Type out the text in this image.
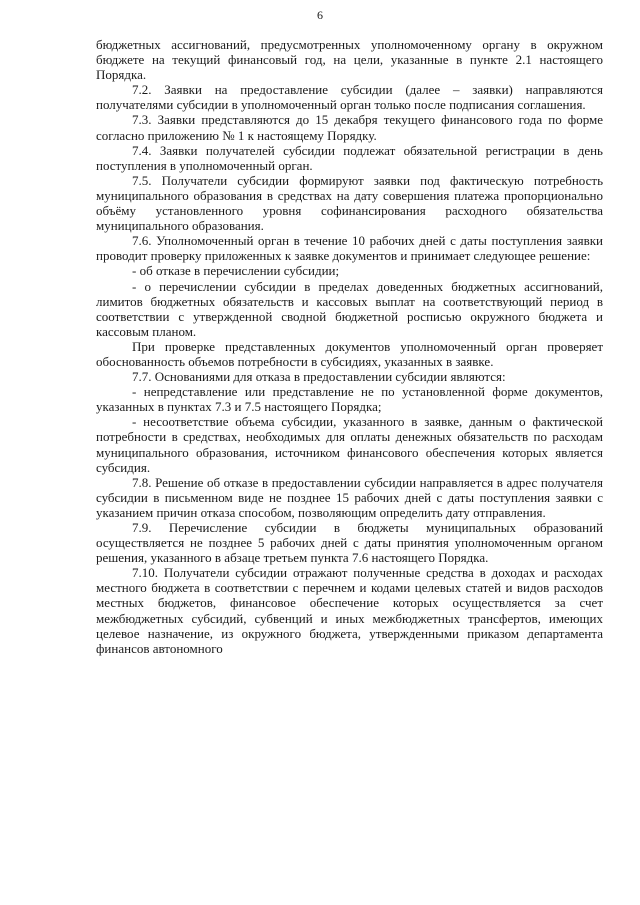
6

бюджетных ассигнований, предусмотренных уполномоченному органу в окружном бюджете на текущий финансовый год, на цели, указанные в пункте 2.1 настоящего Порядка.

7.2. Заявки на предоставление субсидии (далее – заявки) направляются получателями субсидии в уполномоченный орган только после подписания соглашения.

7.3. Заявки представляются до 15 декабря текущего финансового года по форме согласно приложению № 1 к настоящему Порядку.

7.4. Заявки получателей субсидии подлежат обязательной регистрации в день поступления в уполномоченный орган.

7.5. Получатели субсидии формируют заявки под фактическую потребность муниципального образования в средствах на дату совершения платежа пропорционально объёму установленного уровня софинансирования расходного обязательства муниципального образования.

7.6. Уполномоченный орган в течение 10 рабочих дней с даты поступления заявки проводит проверку приложенных к заявке документов и принимает следующее решение:

- об отказе в перечислении субсидии;

- о перечислении субсидии в пределах доведенных бюджетных ассигнований, лимитов бюджетных обязательств и кассовых выплат на соответствующий период в соответствии с утвержденной сводной бюджетной росписью окружного бюджета и кассовым планом.

При проверке представленных документов уполномоченный орган проверяет обоснованность объемов потребности в субсидиях, указанных в заявке.

7.7. Основаниями для отказа в предоставлении субсидии являются:

- непредставление или представление не по установленной форме документов, указанных в пунктах 7.3 и 7.5 настоящего Порядка;

- несоответствие объема субсидии, указанного в заявке, данным о фактической потребности в средствах, необходимых для оплаты денежных обязательств по расходам муниципального образования, источником финансового обеспечения которых является субсидия.

7.8. Решение об отказе в предоставлении субсидии направляется в адрес получателя субсидии в письменном виде не позднее 15 рабочих дней с даты поступления заявки с указанием причин отказа способом, позволяющим определить дату отправления.

7.9. Перечисление субсидии в бюджеты муниципальных образований осуществляется не позднее 5 рабочих дней с даты принятия уполномоченным органом решения, указанного в абзаце третьем пункта 7.6 настоящего Порядка.

7.10. Получатели субсидии отражают полученные средства в доходах и расходах местного бюджета в соответствии с перечнем и кодами целевых статей и видов расходов местных бюджетов, финансовое обеспечение которых осуществляется за счет межбюджетных субсидий, субвенций и иных межбюджетных трансфертов, имеющих целевое назначение, из окружного бюджета, утвержденными приказом департамента финансов автономного
